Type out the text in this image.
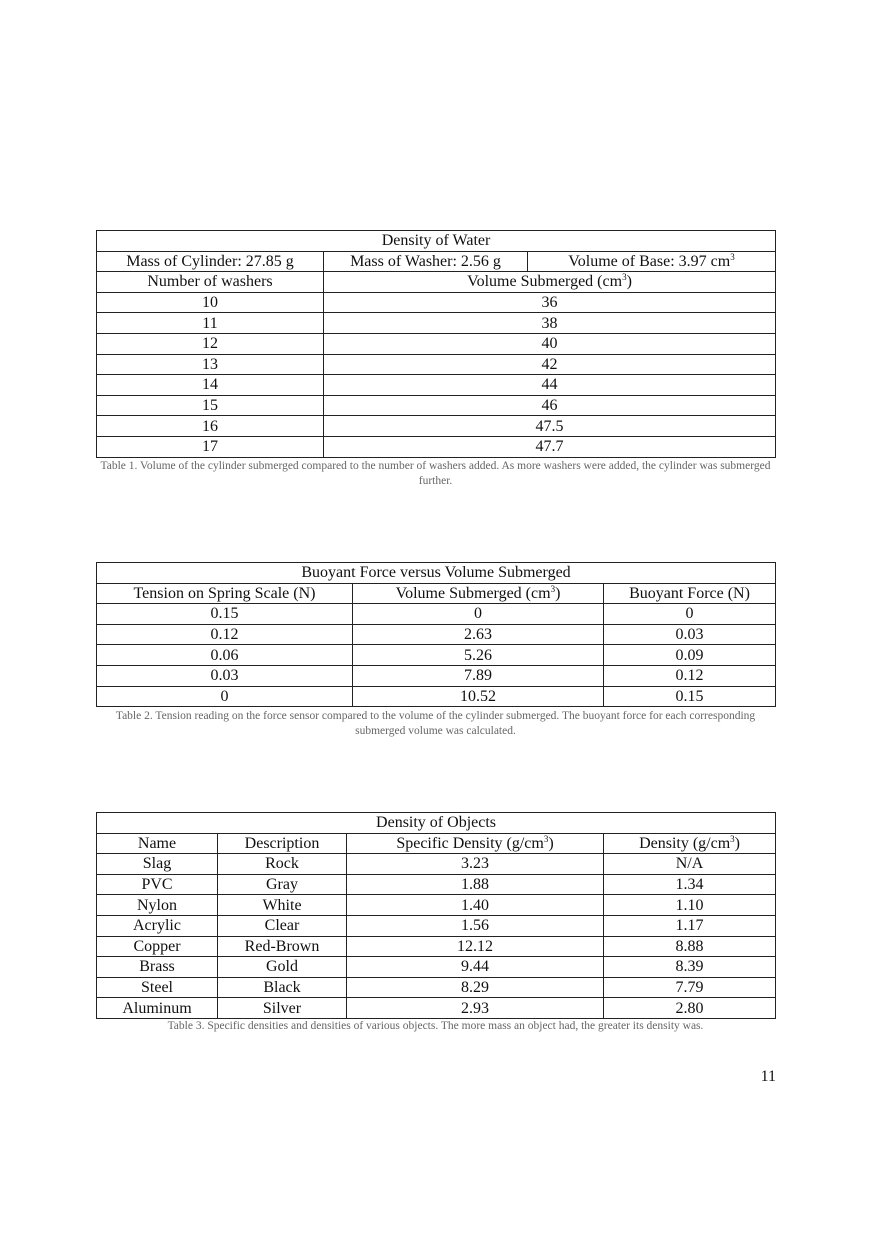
Density of Water		
Mass of Cylinder: 27.85 g	Mass of Washer: 2.56 g	Volume of Base: 3.97 $cm^3$
Number of washers	Volume Submerged $(cm^3)$	
10	36	
11	38	
12	40	
13	42	
14	44	
15	46	
16	47.5	
17	47.7	
Table 1. Volume of the cylinder submerged compared to the number of washers added. As more washers were added, the cylinder was submerged further.
Buoyant Force versus Volume Submerged		
Tension on Spring Scale (N)	Volume Submerged $(cm^3)$	Buoyant Force (N)
0.15	0	0
0.12	2.63	0.03
0.06	5.26	0.09
0.03	7.89	0.12
0	10.52	0.15
Table 2. Tension reading on the force sensor compared to the volume of the cylinder submerged. The buoyant force for each corresponding submerged volume was calculated.
Density of Objects			
Name	Description	Specific Density $(g/cm^3)$	Density $(g/cm^3)$
Slag	Rock	3.23	N/A
PVC	Gray	1.88	1.34
Nylon	White	1.40	1.10
Acrylic	Clear	1.56	1.17
Copper	Red-Brown	12.12	8.88
Brass	Gold	9.44	8.39
Steel	Black	8.29	7.79
Aluminum	Silver	2.93	2.80
Table 3. Specific densities and densities of various objects. The more mass an object had, the greater its density was.
11
